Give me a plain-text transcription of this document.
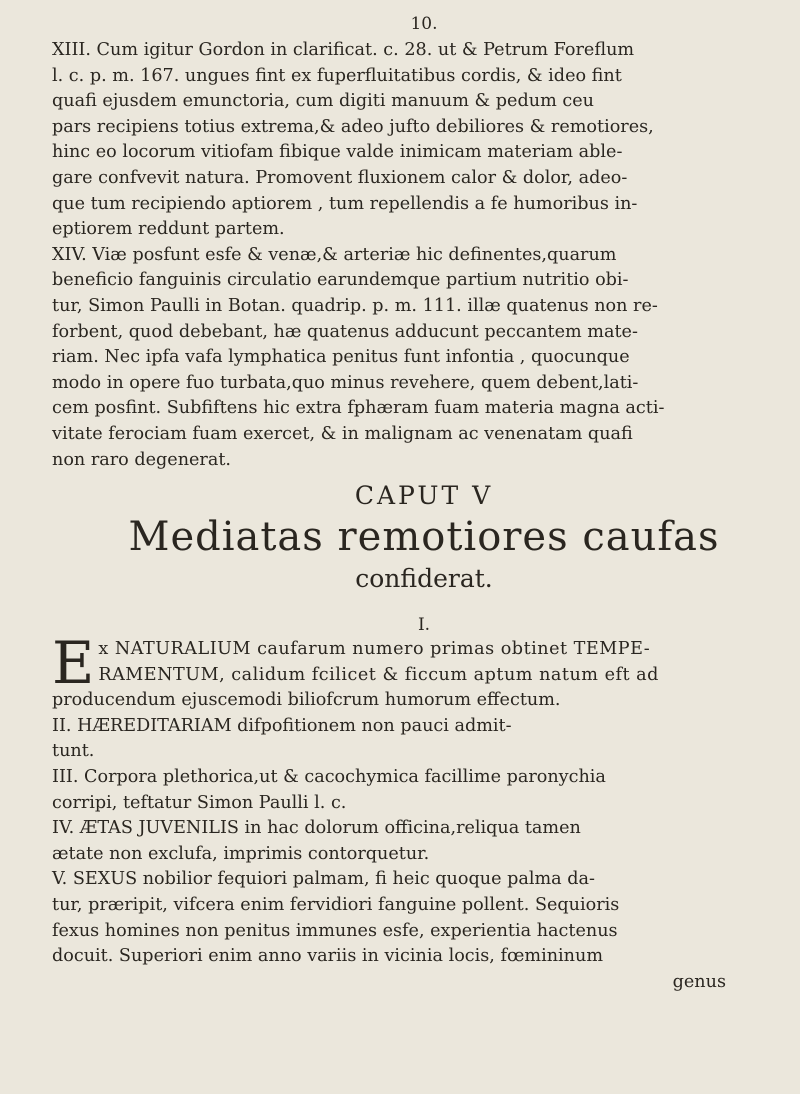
10.

XIII. Cum igitur Gordon in clarificat. c. 28. ut & Petrum Foreflum

l. c. p. m. 167. ungues fint ex fuperfluitatibus cordis, & ideo fint

quafi ejusdem emunctoria, cum digiti manuum & pedum ceu

pars recipiens totius extrema,& adeo jufto debiliores & remotiores,

hinc eo locorum vitiofam fibique valde inimicam materiam able-

gare confvevit natura. Promovent fluxionem calor & dolor, adeo-

que tum recipiendo aptiorem , tum repellendis a fe humoribus in-

eptiorem reddunt partem.

XIV. Viæ posfunt esfe & venæ,& arteriæ hic definentes,quarum

beneficio fanguinis circulatio earundemque partium nutritio obi-

tur, Simon Paulli in Botan. quadrip. p. m. 111. illæ quatenus non re-

forbent, quod debebant, hæ quatenus adducunt peccantem mate-

riam. Nec ipfa vafa lymphatica penitus funt infontia , quocunque

modo in opere fuo turbata,quo minus revehere, quem debent,lati-

cem posfint. Subfiftens hic extra fphæram fuam materia magna acti-

vitate ferociam fuam exercet, & in malignam ac venenatam quafi

non raro degenerat.

CAPUT V
Mediatas remotiores caufas
confiderat.
I.
E x NATURALIUM caufarum numero primas obtinet TEMPE-

RAMENTUM, calidum fcilicet & ficcum aptum natum eft ad

producendum ejuscemodi biliofcrum humorum effectum.

II. HÆREDITARIAM difpofitionem non pauci admit-

tunt.

III. Corpora plethorica,ut & cacochymica facillime paronychia

corripi, teftatur Simon Paulli l. c.

IV. ÆTAS JUVENILIS in hac dolorum officina,reliqua tamen

ætate non exclufa, imprimis contorquetur.

V. SEXUS nobilior fequiori palmam, fi heic quoque palma da-

tur, præripit, vifcera enim fervidiori fanguine pollent. Sequioris

fexus homines non penitus immunes esfe, experientia hactenus

docuit. Superiori enim anno variis in vicinia locis, fœmininum

genus
